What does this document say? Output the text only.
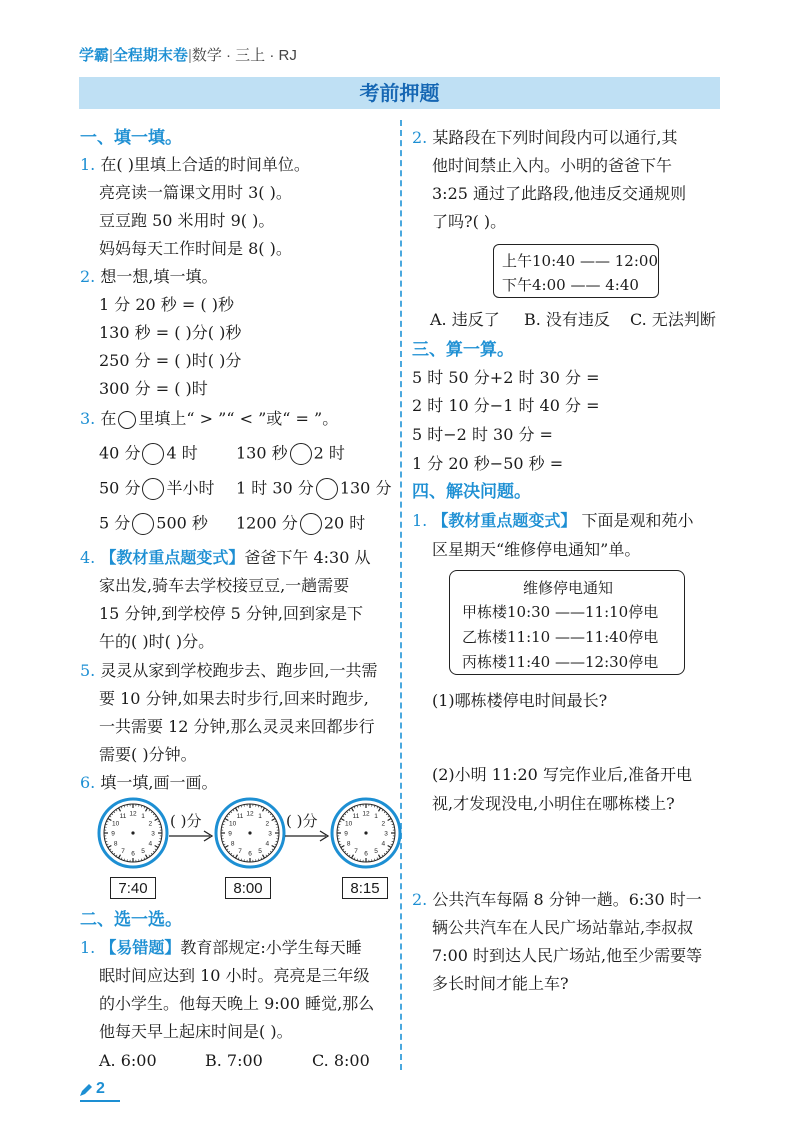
学霸|全程期末卷|数学 · 三上 · RJ
考前押题
一、填一填。
1. 在( )里填上合适的时间单位。
亮亮读一篇课文用时 3( )。
豆豆跑 50 米用时 9( )。
妈妈每天工作时间是 8( )。
2. 想一想,填一填。
1 分 20 秒 = ( )秒
130 秒 = ( )分( )秒
250 分 = ( )时( )分
300 分 = ( )时
3. 在 里填上“ > ”“ < ”或“ = ”。
40 分 4 时 130 秒 2 时
50 分 半小时 1 时 30 分 130 分
5 分 500 秒 1200 分 20 时
4. 【教材重点题变式】爸爸下午 4:30 从
家出发,骑车去学校接豆豆,一趟需要
15 分钟,到学校停 5 分钟,回到家是下
午的( )时( )分。
5. 灵灵从家到学校跑步去、跑步回,一共需
要 10 分钟,如果去时步行,回来时跑步,
一共需要 12 分钟,那么灵灵来回都步行
需要( )分钟。
6. 填一填,画一画。
1
2
3
4
5
6
7
8
9
10
11 12	1
2
3
4
5
6
7
8
9
10
11 12	1
2
3
4
5
6
7
8
9
10
11 12
( )分	( )分
7:40	8:00	8:15
二、选一选。
1. 【易错题】教育部规定:小学生每天睡
眠时间应达到 10 小时。亮亮是三年级
的小学生。他每天晚上 9:00 睡觉,那么
他每天早上起床时间是( )。
A. 6:00	B. 7:00	C. 8:00
2. 某路段在下列时间段内可以通行,其
他时间禁止入内。小明的爸爸下午
3:25 通过了此路段,他违反交通规则
了吗?( )。
上午10:40 —— 12:00
下午4:00 —— 4:40
A. 违反了 B. 没有违反 C. 无法判断
三、算一算。
5 时 50 分+2 时 30 分 =
2 时 10 分−1 时 40 分 =
5 时−2 时 30 分 =
1 分 20 秒−50 秒 =
四、解决问题。
1. 【教材重点题变式】 下面是观和苑小
区星期天“维修停电通知”单。
维修停电通知
甲栋楼10:30 ——11:10停电
乙栋楼11:10 ——11:40停电
丙栋楼11:40 ——12:30停电
(1)哪栋楼停电时间最长?
(2)小明 11:20 写完作业后,准备开电
视,才发现没电,小明住在哪栋楼上?
2. 公共汽车每隔 8 分钟一趟。6:30 时一
辆公共汽车在人民广场站靠站,李叔叔
7:00 时到达人民广场站,他至少需要等
多长时间才能上车?
2
